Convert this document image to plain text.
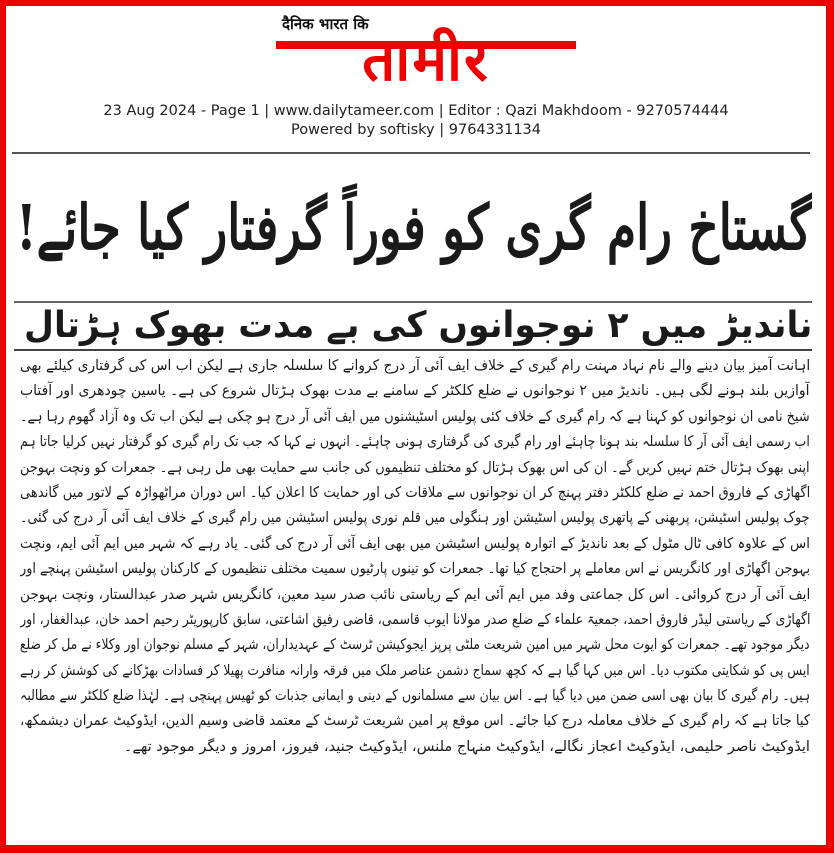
तामीर
दैनिक भारत कि
23 Aug 2024 - Page 1 | www.dailytameer.com | Editor : Qazi Makhdoom - 9270574444
Powered by softisky | 9764331134
گستاخ رام گری کو فوراً گرفتار کیا جائے!
ناندیڑ میں ۲ نوجوانوں کی بے مدت بھوک ہڑتال
اہانت آمیز بیان دینے والے نام نہاد مہنت رام گیری کے خلاف ایف آئی آر درج کروانے کا سلسلہ جاری ہے لیکن اب اس کی گرفتاری کیلئے بھی
آوازیں بلند ہونے لگی ہیں۔ ناندیڑ میں ۲ نوجوانوں نے ضلع کلکٹر کے سامنے بے مدت بھوک ہڑتال شروع کی ہے۔ یاسین چودھری اور آفتاب
شیخ نامی ان نوجوانوں کو کہنا ہے کہ رام گیری کے خلاف کئی پولیس اسٹیشنوں میں ایف آئی آر درج ہو چکی ہے لیکن اب تک وہ آزاد گھوم رہا ہے۔
اب رسمی ایف آئی آر کا سلسلہ بند ہونا چاہئے اور رام گیری کی گرفتاری ہونی چاہئے۔ انہوں نے کہا کہ جب تک رام گیری کو گرفتار نہیں کرلیا جاتا ہم
اپنی بھوک ہڑتال ختم نہیں کریں گے۔ ان کی اس بھوک ہڑتال کو مختلف تنظیموں کی جانب سے حمایت بھی مل رہی ہے۔ جمعرات کو ونچت بہوجن
اگھاڑی کے فاروق احمد نے ضلع کلکٹر دفتر پہنچ کر ان نوجوانوں سے ملاقات کی اور حمایت کا اعلان کیا۔ اس دوران مراٹھواڑہ کے لاتور میں گاندھی
چوک پولیس اسٹیشن، پربھنی کے پاتھری پولیس اسٹیشن اور ہنگولی میں قلم نوری پولیس اسٹیشن میں رام گیری کے خلاف ایف آئی آر درج کی گئی۔
اس کے علاوہ کافی ٹال مٹول کے بعد ناندیڑ کے اتوارہ پولیس اسٹیشن میں بھی ایف آئی آر درج کی گئی۔ یاد رہے کہ شہر میں ایم آئی ایم، ونچت
بہوجن اگھاڑی اور کانگریس نے اس معاملے پر احتجاج کیا تھا۔ جمعرات کو تینوں پارٹیوں سمیت مختلف تنظیموں کے کارکنان پولیس اسٹیشن پہنچے اور
ایف آئی آر درج کروائی۔ اس کل جماعتی وفد میں ایم آئی ایم کے ریاستی نائب صدر سید معین، کانگریس شہر صدر عبدالستار، ونچت بہوجن
اگھاڑی کے ریاستی لیڈر فاروق احمد، جمعیۃ علماء کے ضلع صدر مولانا ایوب قاسمی، قاضی رفیق اشاعتی، سابق کارپوریٹر رحیم احمد خان، عبدالغفار، اور
دیگر موجود تھے۔ جمعرات کو ایوت محل شہر میں امین شریعت ملٹی پرپز ایجوکیشن ٹرسٹ کے عہدیداران، شہر کے مسلم نوجوان اور وکلاء نے مل کر ضلع
ایس پی کو شکایتی مکتوب دیا۔ اس میں کہا گیا ہے کہ کچھ سماج دشمن عناصر ملک میں فرقہ وارانہ منافرت پھیلا کر فسادات بھڑکانے کی کوشش کر رہے
ہیں۔ رام گیری کا بیان بھی اسی ضمن میں دیا گیا ہے۔ اس بیان سے مسلمانوں کے دینی و ایمانی جذبات کو ٹھیس پہنچی ہے۔ لہٰذا ضلع کلکٹر سے مطالبہ
کیا جاتا ہے کہ رام گیری کے خلاف معاملہ درج کیا جائے۔ اس موقع پر امین شریعت ٹرسٹ کے معتمد قاضی وسیم الدین، ایڈوکیٹ عمران دیشمکھ،
ایڈوکیٹ ناصر حلیمی، ایڈوکیٹ اعجاز نگالے، ایڈوکیٹ منہاج ملنس، ایڈوکیٹ جنید، فیروز، امروز و دیگر موجود تھے۔
